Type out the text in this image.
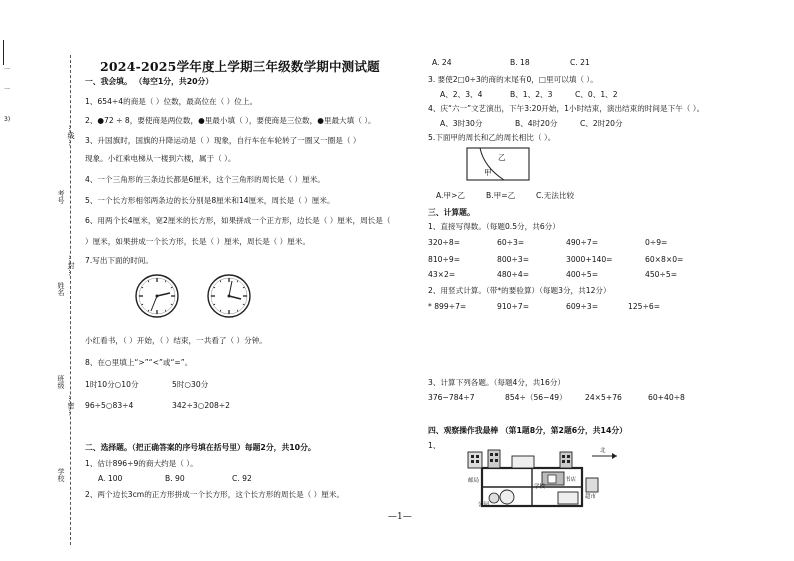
一
一
3)
…线…
…封…
…密…
考号
姓名
班级
学校
2024-2025学年度上学期三年级数学期中测试题
一、我会填。 （每空1分，共20分）
1、654÷4的商是（ ）位数，最高位在（ ）位上。
2、●72 ÷ 8，要使商是两位数，●里最小填（ ），要使商是三位数，●里最大填（ ）。
3、升国旗时，国旗的升降运动是（ ）现象，自行车在车轮转了一圈又一圈是（ ）
现象。小红乘电梯从一楼到六楼，属于（ ）。
4、一个三角形的三条边长都是6厘米，这个三角形的周长是（ ）厘米。
5、一个长方形相邻两条边的长分别是8厘米和14厘米，周长是（ ）厘米。
6、用两个长4厘米，宽2厘米的长方形，如果拼成一个正方形，边长是（ ）厘米，周长是（
）厘米，如果拼成一个长方形，长是（ ）厘米，周长是（ ）厘米。
7.写出下面的时间。
小红看书，（ ）开始，（ ）结束，一共看了（ ）分钟。
8、在○里填上“>”“<”或“=”。
1时10分○10分	5时○30分
96÷5○83÷4	342÷3○208÷2
二、选择题。（把正确答案的序号填在括号里）每题2分，共10分。
1、估计896÷9的商大约是（ ）。
A. 100	B. 90	C. 92
2、两个边长3cm的正方形拼成一个长方形，这个长方形的周长是（ ）厘米。
A. 24	B. 18	C. 21
3. 要使2□0÷3的商的末尾有0，□里可以填（ ）。
A、2、3、4	B、1、2、3	C、0、1、2
4、庆“六一”文艺演出，下午3:20开始，1小时结束，演出结束的时间是下午（ ）。
A、3时30分	B、4时20分	C、2时20分
5.下面甲的周长和乙的周长相比（ ）。
乙
甲
A.甲>乙	B.甲=乙	C.无法比较
三、计算题。
1、直接写得数。（每题0.5分，共6分）
320÷8=	60÷3=	490÷7=	0÷9=
810÷9=	800÷3=	3000+140=	60×8×0=
43×2=	480÷4=	400÷5=	450÷5=
2、用竖式计算。（带*的要验算）（每题3分，共12分）
* 899÷7=	910÷7=	609÷3=	125÷6=
3、计算下列各题。（每题4分，共16分）
376−784÷7	854÷（56−49） 24×5+76	60+40÷8
四、观察操作我最棒 （第1题8分，第2题6分，共14分）
1、
邮局
学校
书店
超市
公园
北
—1—
